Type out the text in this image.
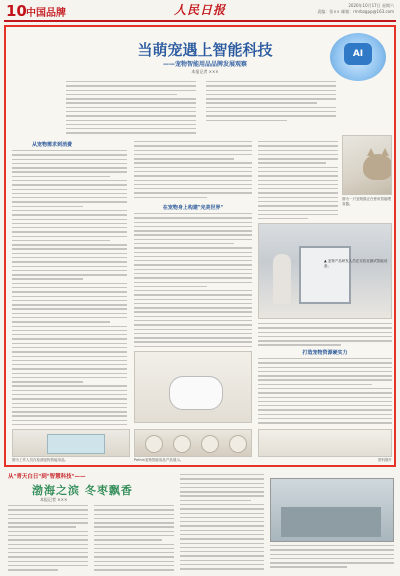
10 中国品牌	人民日报	2020年10月17日 星期六
责编：张×× 邮箱：rmrbzgpp@163.com
当萌宠遇上智能科技
——宠物智能用品品牌发展观察
本报记者 ×××
AI
从宠物需求到消费
在宠物身上构建"完美世界"
图为一只宠物猫正在使用智能喂食器。
▲ 宠物产品研发人员在实验室测试智能设备。
打造宠物资源硬实力
图为工作人员在检测宠物智能用品。	Pethin宠物智能用品产品展示。	资料图片
从"青天白日"到"智慧科技"——
渤海之滨 冬枣飘香
本报记者 ×××
